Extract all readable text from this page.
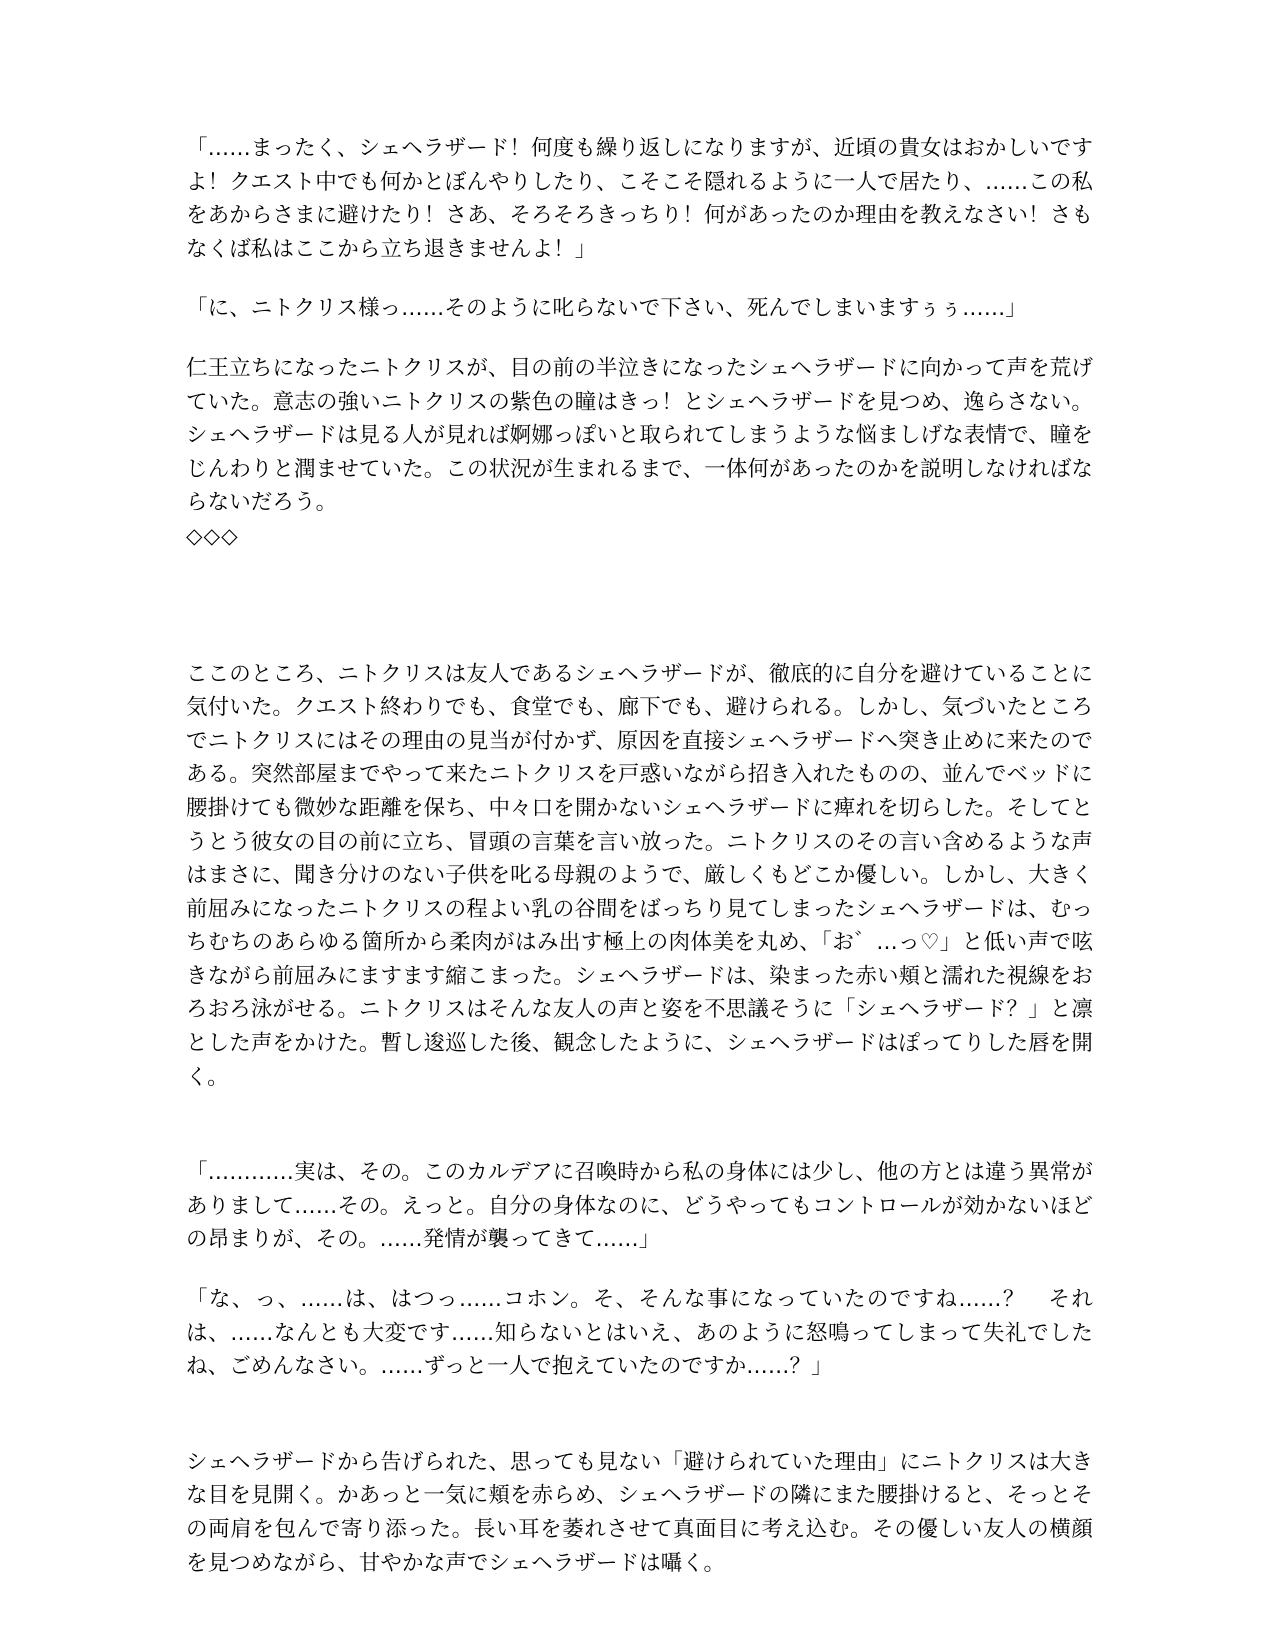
「……まったく、シェヘラザード！何度も繰り返しになりますが、近頃の貴女はおかしいですよ！クエスト中でも何かとぼんやりしたり、こそこそ隠れるように一人で居たり、……この私をあからさまに避けたり！さあ、そろそろきっちり！何があったのか理由を教えなさい！さもなくば私はここから立ち退きませんよ！」

「に、ニトクリス様っ……そのように叱らないで下さい、死んでしまいますぅぅ……」

仁王立ちになったニトクリスが、目の前の半泣きになったシェヘラザードに向かって声を荒げていた。意志の強いニトクリスの紫色の瞳はきっ！とシェヘラザードを見つめ、逸らさない。シェヘラザードは見る人が見れば婀娜っぽいと取られてしまうような悩ましげな表情で、瞳をじんわりと潤ませていた。この状況が生まれるまで、一体何があったのかを説明しなければならないだろう。

◇◇◇

ここのところ、ニトクリスは友人であるシェヘラザードが、徹底的に自分を避けていることに気付いた。クエスト終わりでも、食堂でも、廊下でも、避けられる。しかし、気づいたところでニトクリスにはその理由の見当が付かず、原因を直接シェヘラザードへ突き止めに来たのである。突然部屋までやって来たニトクリスを戸惑いながら招き入れたものの、並んでベッドに腰掛けても微妙な距離を保ち、中々口を開かないシェヘラザードに痺れを切らした。そしてとうとう彼女の目の前に立ち、冒頭の言葉を言い放った。ニトクリスのその言い含めるような声はまさに、聞き分けのない子供を叱る母親のようで、厳しくもどこか優しい。しかし、大きく前屈みになったニトクリスの程よい乳の谷間をばっちり見てしまったシェヘラザードは、むっちむちのあらゆる箇所から柔肉がはみ出す極上の肉体美を丸め、「お゛…っ♡」と低い声で呟きながら前屈みにますます縮こまった。シェヘラザードは、染まった赤い頬と濡れた視線をおろおろ泳がせる。ニトクリスはそんな友人の声と姿を不思議そうに「シェヘラザード？」と凛とした声をかけた。暫し逡巡した後、観念したように、シェヘラザードはぽってりした唇を開く。

「…………実は、その。このカルデアに召喚時から私の身体には少し、他の方とは違う異常がありまして……その。えっと。自分の身体なのに、どうやってもコントロールが効かないほどの昂まりが、その。……発情が襲ってきて……」

「な、っ、……は、はつっ……コホン。そ、そんな事になっていたのですね……？　それは、……なんとも大変です……知らないとはいえ、あのように怒鳴ってしまって失礼でしたね、ごめんなさい。……ずっと一人で抱えていたのですか……？」

シェヘラザードから告げられた、思っても見ない「避けられていた理由」にニトクリスは大きな目を見開く。かあっと一気に頬を赤らめ、シェヘラザードの隣にまた腰掛けると、そっとその両肩を包んで寄り添った。長い耳を萎れさせて真面目に考え込む。その優しい友人の横顔を見つめながら、甘やかな声でシェヘラザードは囁く。
